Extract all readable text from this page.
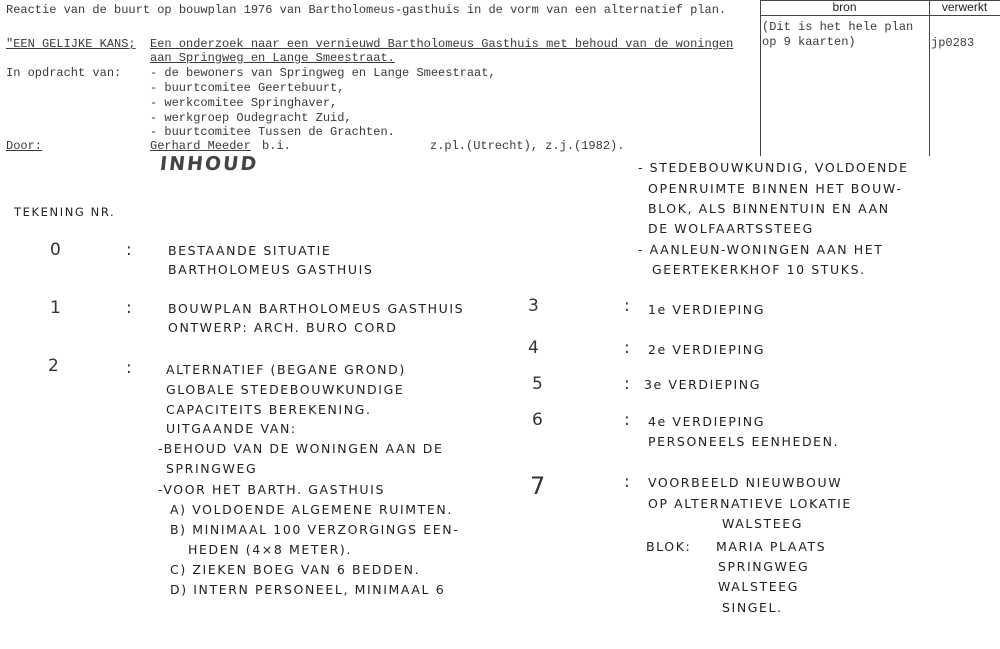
Reactie van de buurt op bouwplan 1976 van Bartholomeus-gasthuis in de vorm van een alternatief plan.	bron	verwerkt
(Dit is het hele plan
op 9 kaarten)	jp0283
"EEN GELIJKE KANS; Een onderzoek naar een vernieuwd Bartholomeus Gasthuis met behoud van de woningen
aan Springweg en Lange Smeestraat.
In opdracht van: - de bewoners van Springweg en Lange Smeestraat,
- buurtcomitee Geertebuurt,
- werkcomitee Springhaver,
- werkgroep Oudegracht Zuid,
- buurtcomitee Tussen de Grachten.
Door:	Gerhard Meeder b.i.	z.pl.(Utrecht), z.j.(1982).
INHOUD
TEKENING NR.
- STEDEBOUWKUNDIG, VOLDOENDE
OPENRUIMTE BINNEN HET BOUW-
BLOK, ALS BINNENTUIN EN AAN
DE WOLFAARTSSTEEG
- AANLEUN-WONINGEN AAN HET
GEERTEKERKHOF 10 STUKS.
0	:	BESTAANDE SITUATIE
BARTHOLOMEUS GASTHUIS
1	:	BOUWPLAN BARTHOLOMEUS GASTHUIS
ONTWERP: ARCH. BURO CORD
2	:	ALTERNATIEF (BEGANE GROND)
GLOBALE STEDEBOUWKUNDIGE
CAPACITEITS BEREKENING.
UITGAANDE VAN:
-BEHOUD VAN DE WONINGEN AAN DE
SPRINGWEG
-VOOR HET BARTH. GASTHUIS
A) VOLDOENDE ALGEMENE RUIMTEN.
B) MINIMAAL 100 VERZORGINGS EEN-
HEDEN (4×8 METER).
C) ZIEKEN BOEG VAN 6 BEDDEN.
D) INTERN PERSONEEL, MINIMAAL 6
3	: 1e VERDIEPING
4	: 2e VERDIEPING
5	: 3e VERDIEPING
6	: 4e VERDIEPING
PERSONEELS EENHEDEN.
7	: VOORBEELD NIEUWBOUW
OP ALTERNATIEVE LOKATIE
WALSTEEG
BLOK: MARIA PLAATS
SPRINGWEG
WALSTEEG
SINGEL.
